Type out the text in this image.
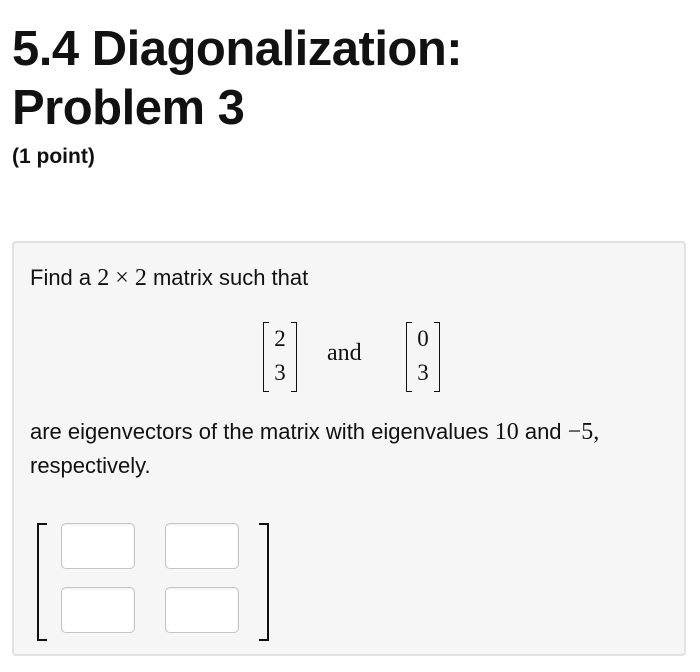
5.4 Diagonalization:
Problem 3
(1 point)
Find a 2 × 2 matrix such that
2
3
and
0
3
are eigenvectors of the matrix with eigenvalues 10 and −5,
respectively.
